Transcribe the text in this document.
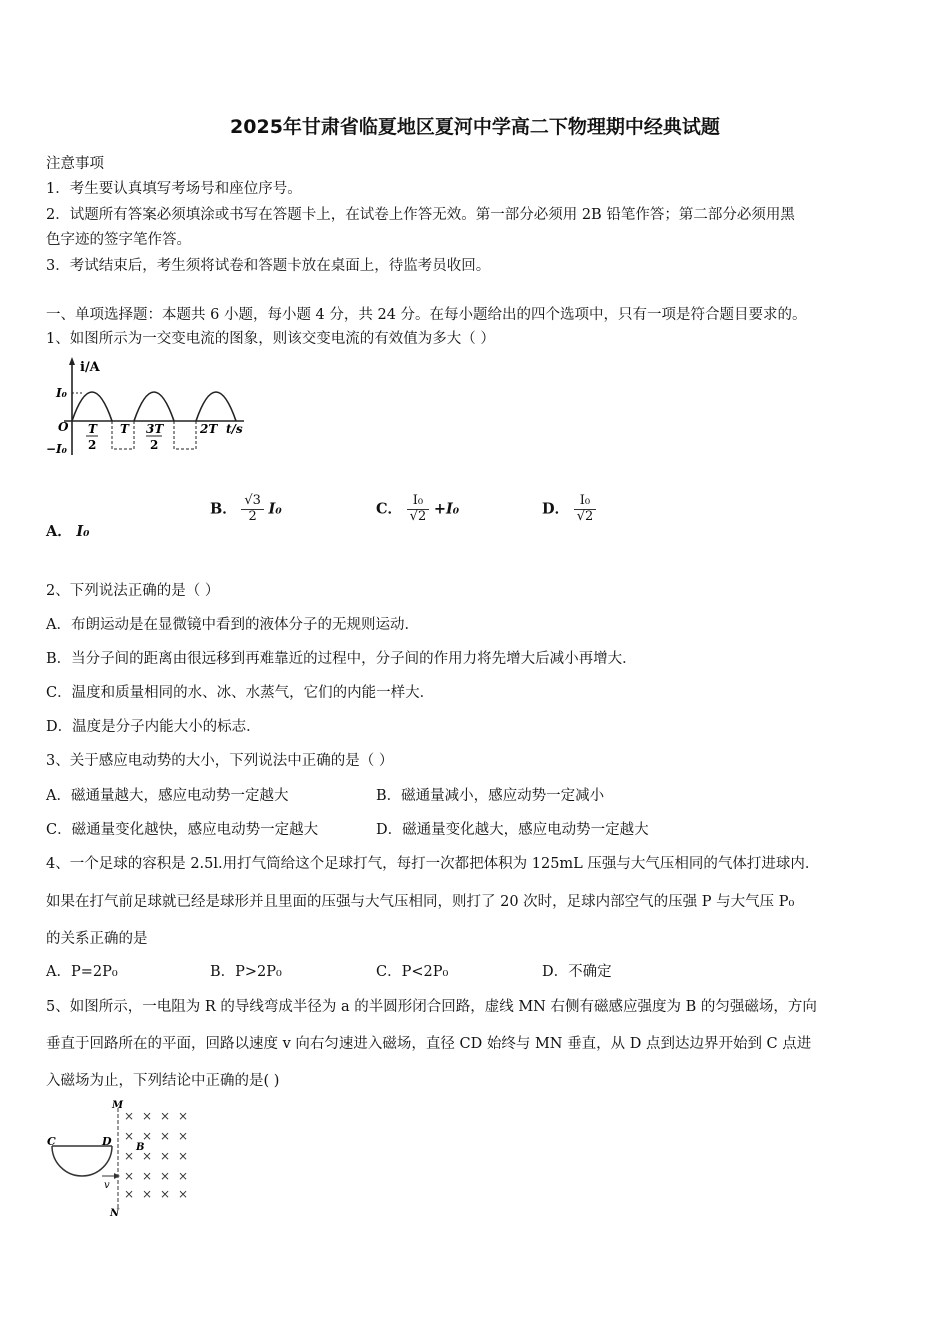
2025年甘肃省临夏地区夏河中学高二下物理期中经典试题
注意事项
1．考生要认真填写考场号和座位序号。
2．试题所有答案必须填涂或书写在答题卡上，在试卷上作答无效。第一部分必须用 2B 铅笔作答；第二部分必须用黑
色字迹的签字笔作答。
3．考试结束后，考生须将试卷和答题卡放在桌面上，待监考员收回。
一、单项选择题：本题共 6 小题，每小题 4 分，共 24 分。在每小题给出的四个选项中，只有一项是符合题目要求的。
1、如图所示为一交变电流的图象，则该交变电流的有效值为多大（ ）
i/A
I₀
O
−I₀
T
2
T 3T
2
2T t/s
A． I₀
B． $\frac{√3}{2} I_0$	C． $\frac{\text{I₀}}{√2} +I_0$	D． $\frac{\text{I₀}}{√2}$
2、下列说法正确的是（ ）
A．布朗运动是在显微镜中看到的液体分子的无规则运动．
B．当分子间的距离由很远移到再难靠近的过程中，分子间的作用力将先增大后减小再增大．
C．温度和质量相同的水、冰、水蒸气，它们的内能一样大．
D．温度是分子内能大小的标志．
3、关于感应电动势的大小，下列说法中正确的是（ ）
A．磁通量越大，感应电动势一定越大	B．磁通量减小，感应动势一定减小
C．磁通量变化越快，感应电动势一定越大	D．磁通量变化越大，感应电动势一定越大
4、一个足球的容积是 2.5l.用打气筒给这个足球打气，每打一次都把体积为 125mL 压强与大气压相同的气体打进球内．
如果在打气前足球就已经是球形并且里面的压强与大气压相同，则打了 20 次时，足球内部空气的压强 P 与大气压 P₀
的关系正确的是
A．P=2P₀	B．P>2P₀	C．P<2P₀	D．不确定
5、如图所示，一电阻为 R 的导线弯成半径为 a 的半圆形闭合回路，虚线 MN 右侧有磁感应强度为 B 的匀强磁场，方向
垂直于回路所在的平面，回路以速度 v 向右匀速进入磁场，直径 CD 始终与 MN 垂直，从 D 点到达边界开始到 C 点进
入磁场为止，下列结论中正确的是( )
M
N
C	D
v
B
× × × ×
× × × ×
× × × ×
× × × ×
× × × ×
